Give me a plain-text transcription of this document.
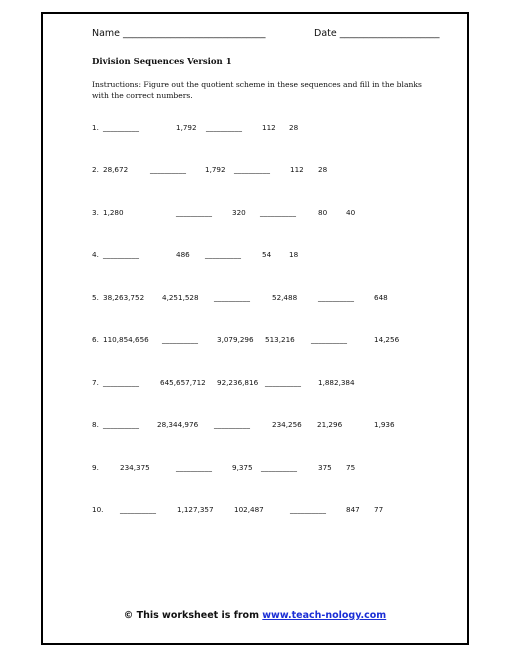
Name ______________________________	Date _____________________
Division Sequences Version 1
Instructions: Figure out the quotient scheme in these sequences and fill in the blanks with the correct numbers.
1. __________	1,792 __________	112 28
2. 28,672	__________	1,792 __________	112 28
3. 1,280	__________	320 __________	80	40
4. __________	486 __________	54 18
5. 38,263,752 4,251,528 __________	52,488	__________	648
6. 110,854,656 __________	3,079,296 513,216 __________	14,256
7. __________	645,657,712 92,236,816 __________ 1,882,384
8. __________	28,344,976 __________	234,256 21,296	1,936
9.	234,375	__________	9,375 __________	375 75
10. __________	1,127,357	102,487	__________	847 77
© This worksheet is from www.teach-nology.com
